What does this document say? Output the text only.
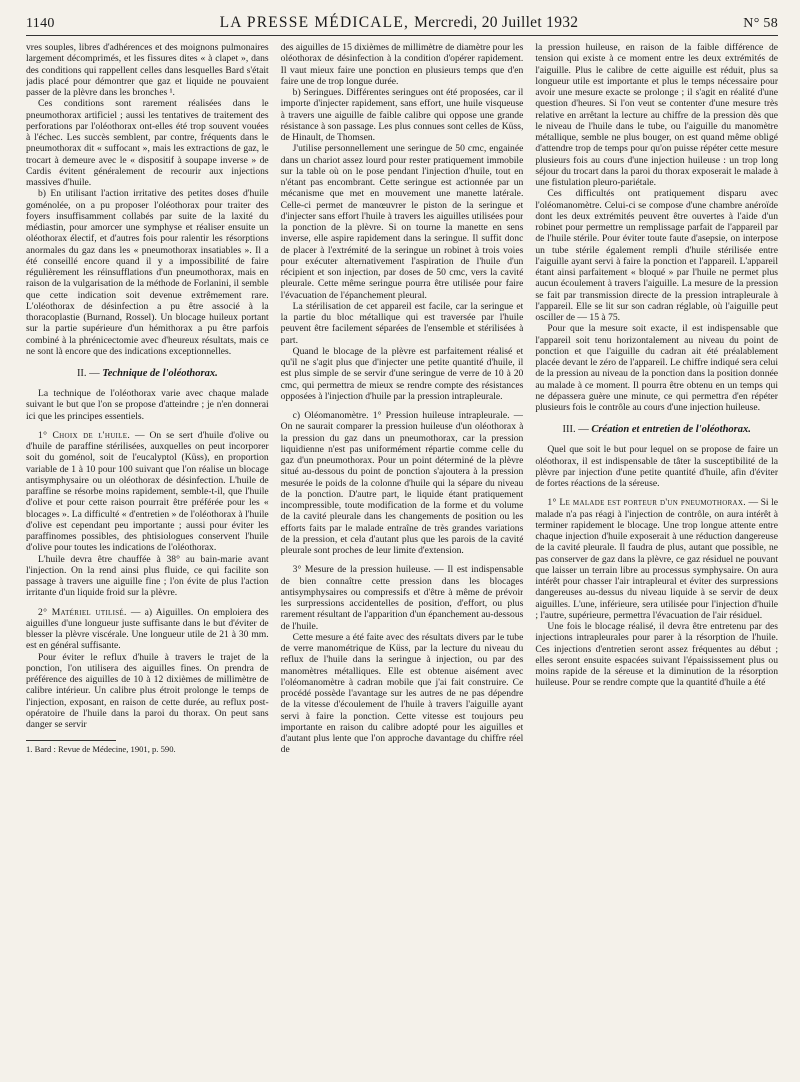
1140	LA PRESSE MÉDICALE, Mercredi, 20 Juillet 1932	N° 58

vres souples, libres d'adhérences et des moignons pulmonaires largement décomprimés, et les fissures dites « à clapet », dans des conditions qui rappellent celles dans lesquelles Bard s'était jadis placé pour démontrer que gaz et liquide ne pouvaient passer de la plèvre dans les bronches ¹.

Ces conditions sont rarement réalisées dans le pneumothorax artificiel ; aussi les tentatives de traitement des perforations par l'oléothorax ont-elles été trop souvent vouées à l'échec. Les succès semblent, par contre, fréquents dans le pneumothorax dit « suffocant », mais les extractions de gaz, le trocart à demeure avec le « dispositif à soupape inverse » de Cardis évitent généralement de recourir aux injections massives d'huile.

b) En utilisant l'action irritative des petites doses d'huile goménolée, on a pu proposer l'oléothorax pour traiter des foyers insuffisamment collabés par suite de la laxité du médiastin, pour amorcer une symphyse et réaliser ensuite un oléothorax électif, et d'autres fois pour ralentir les résorptions anormales du gaz dans les « pneumothorax insatiables ». Il a été conseillé encore quand il y a impossibilité de faire régulièrement les réinsufflations d'un pneumothorax, mais en raison de la vulgarisation de la méthode de Forlanini, il semble que cette indication soit devenue extrêmement rare. L'oléothorax de désinfection a pu être associé à la thoracoplastie (Burnand, Rossel). Un blocage huileux portant sur la partie supérieure d'un hémithorax a pu être parfois combiné à la phrénicectomie avec d'heureux résultats, mais ce ne sont là encore que des indications exceptionnelles.

II. — Technique de l'oléothorax.

La technique de l'oléothorax varie avec chaque malade suivant le but que l'on se propose d'atteindre ; je n'en donnerai ici que les principes essentiels.

1° Choix de l'huile. — On se sert d'huile d'olive ou d'huile de paraffine stérilisées, auxquelles on peut incorporer soit du goménol, soit de l'eucalyptol (Küss), en proportion variable de 1 à 10 pour 100 suivant que l'on réalise un blocage antisymphysaire ou un oléothorax de désinfection. L'huile de paraffine se résorbe moins rapidement, semble-t-il, que l'huile d'olive et pour cette raison pourrait être préférée pour les « blocages ». La difficulté « d'entretien » de l'oléothorax à l'huile d'olive est cependant peu importante ; aussi pour éviter les paraffinomes possibles, des phtisiologues conservent l'huile d'olive pour toutes les indications de l'oléothorax.

L'huile devra être chauffée à 38° au bain-marie avant l'injection. On la rend ainsi plus fluide, ce qui facilite son passage à travers une aiguille fine ; l'on évite de plus l'action irritante d'un liquide froid sur la plèvre.

2° Matériel utilisé. — a) Aiguilles. On emploiera des aiguilles d'une longueur juste suffisante dans le but d'éviter de blesser la plèvre viscérale. Une longueur utile de 21 à 30 mm. est en général suffisante.

Pour éviter le reflux d'huile à travers le trajet de la ponction, l'on utilisera des aiguilles fines. On prendra de préférence des aiguilles de 10 à 12 dixièmes de millimètre de calibre intérieur. Un calibre plus étroit prolonge le temps de l'injection, exposant, en raison de cette durée, au reflux post-opératoire de l'huile dans la paroi du thorax. On peut sans danger se servir

1. Bard : Revue de Médecine, 1901, p. 590.

des aiguilles de 15 dixièmes de millimètre de diamètre pour les oléothorax de désinfection à la condition d'opérer rapidement. Il vaut mieux faire une ponction en plusieurs temps que d'en faire une de trop longue durée.

b) Seringues. Différentes seringues ont été proposées, car il importe d'injecter rapidement, sans effort, une huile visqueuse à travers une aiguille de faible calibre qui oppose une grande résistance à son passage. Les plus connues sont celles de Küss, de Hinault, de Thomsen.

J'utilise personnellement une seringue de 50 cmc, engainée dans un chariot assez lourd pour rester pratiquement immobile sur la table où on le pose pendant l'injection d'huile, tout en n'étant pas encombrant. Cette seringue est actionnée par un mécanisme que met en mouvement une manette latérale. Celle-ci permet de manœuvrer le piston de la seringue et d'injecter sans effort l'huile à travers les aiguilles utilisées pour la ponction de la plèvre. Si on tourne la manette en sens inverse, elle aspire rapidement dans la seringue. Il suffit donc de placer à l'extrémité de la seringue un robinet à trois voies pour exécuter alternativement l'aspiration de l'huile d'un récipient et son injection, par doses de 50 cmc, vers la cavité pleurale. Cette même seringue pourra être utilisée pour faire l'évacuation de l'épanchement pleural.

La stérilisation de cet appareil est facile, car la seringue et la partie du bloc métallique qui est traversée par l'huile peuvent être facilement séparées de l'ensemble et stérilisées à part.

Quand le blocage de la plèvre est parfaitement réalisé et qu'il ne s'agit plus que d'injecter une petite quantité d'huile, il est plus simple de se servir d'une seringue de verre de 10 à 20 cmc, qui permettra de mieux se rendre compte des résistances opposées à l'injection d'huile par la pression intrapleurale.

c) Oléomanomètre. 1° Pression huileuse intrapleurale. — On ne saurait comparer la pression huileuse d'un oléothorax à la pression du gaz dans un pneumothorax, car la pression liquidienne n'est pas uniformément répartie comme celle du gaz d'un pneumothorax. Pour un point déterminé de la plèvre situé au-dessous du point de ponction s'ajoutera à la pression mesurée le poids de la colonne d'huile qui la sépare du niveau de la ponction. D'autre part, le liquide étant pratiquement incompressible, toute modification de la forme et du volume de la cavité pleurale dans les changements de position ou les efforts faits par le malade entraîne de très grandes variations de la pression, et cela d'autant plus que les parois de la cavité pleurale sont proches de leur limite d'extension.

3° Mesure de la pression huileuse. — Il est indispensable de bien connaître cette pression dans les blocages antisymphysaires ou compressifs et d'être à même de prévoir les surpressions accidentelles de position, d'effort, ou plus rarement résultant de l'apparition d'un épanchement au-dessous de l'huile.

Cette mesure a été faite avec des résultats divers par le tube de verre manométrique de Küss, par la lecture du niveau du reflux de l'huile dans la seringue à injection, ou par des manomètres métalliques. Elle est obtenue aisément avec l'oléomanomètre à cadran mobile que j'ai fait construire. Ce procédé possède l'avantage sur les autres de ne pas dépendre de la vitesse d'écoulement de l'huile à travers l'aiguille ayant servi à faire la ponction. Cette vitesse est toujours peu importante en raison du calibre adopté pour les aiguilles et d'autant plus lente que l'on approche davantage du chiffre réel de

la pression huileuse, en raison de la faible différence de tension qui existe à ce moment entre les deux extrémités de l'aiguille. Plus le calibre de cette aiguille est réduit, plus sa longueur utile est importante et plus le temps nécessaire pour avoir une mesure exacte se prolonge ; il s'agit en réalité d'une question d'heures. Si l'on veut se contenter d'une mesure très relative en arrêtant la lecture au chiffre de la pression dès que le niveau de l'huile dans le tube, ou l'aiguille du manomètre métallique, semble ne plus bouger, on est quand même obligé d'attendre trop de temps pour qu'on puisse répéter cette mesure plusieurs fois au cours d'une injection huileuse : un trop long séjour du trocart dans la paroi du thorax exposerait le malade à une fistulation pleuro-pariétale.

Ces difficultés ont pratiquement disparu avec l'oléomanomètre. Celui-ci se compose d'une chambre anéroïde dont les deux extrémités peuvent être ouvertes à l'aide d'un robinet pour permettre un remplissage parfait de l'appareil par de l'huile stérile. Pour éviter toute faute d'asepsie, on interpose un tube stérile également rempli d'huile stérilisée entre l'aiguille ayant servi à faire la ponction et l'appareil. L'appareil étant ainsi parfaitement « bloqué » par l'huile ne permet plus aucun écoulement à travers l'aiguille. La mesure de la pression se fait par transmission directe de la pression intrapleurale à l'appareil. Elle se lit sur son cadran réglable, où l'aiguille peut osciller de — 15 à 75.

Pour que la mesure soit exacte, il est indispensable que l'appareil soit tenu horizontalement au niveau du point de ponction et que l'aiguille du cadran ait été préalablement placée devant le zéro de l'appareil. Le chiffre indiqué sera celui de la pression au niveau de la ponction dans la position donnée au malade à ce moment. Il pourra être obtenu en un temps qui ne dépassera guère une minute, ce qui permettra d'en répéter plusieurs fois le contrôle au cours d'une injection huileuse.

III. — Création et entretien de l'oléothorax.

Quel que soit le but pour lequel on se propose de faire un oléothorax, il est indispensable de tâter la susceptibilité de la plèvre par injection d'une petite quantité d'huile, afin d'éviter de fortes réactions de la séreuse.

1° Le malade est porteur d'un pneumothorax. — Si le malade n'a pas réagi à l'injection de contrôle, on aura intérêt à terminer rapidement le blocage. Une trop longue attente entre chaque injection d'huile exposerait à une réduction dangereuse de la cavité pleurale. Il faudra de plus, autant que possible, ne pas conserver de gaz dans la plèvre, ce gaz résiduel ne pouvant que laisser un terrain libre au processus symphysaire. On aura intérêt pour chasser l'air intrapleural et éviter des surpressions dangereuses au-dessus du niveau liquide à se servir de deux aiguilles. L'une, inférieure, sera utilisée pour l'injection d'huile ; l'autre, supérieure, permettra l'évacuation de l'air résiduel.

Une fois le blocage réalisé, il devra être entretenu par des injections intrapleurales pour parer à la résorption de l'huile. Ces injections d'entretien seront assez fréquentes au début ; elles seront ensuite espacées suivant l'épaississement plus ou moins rapide de la séreuse et la diminution de la résorption huileuse. Pour se rendre compte que la quantité d'huile a été
